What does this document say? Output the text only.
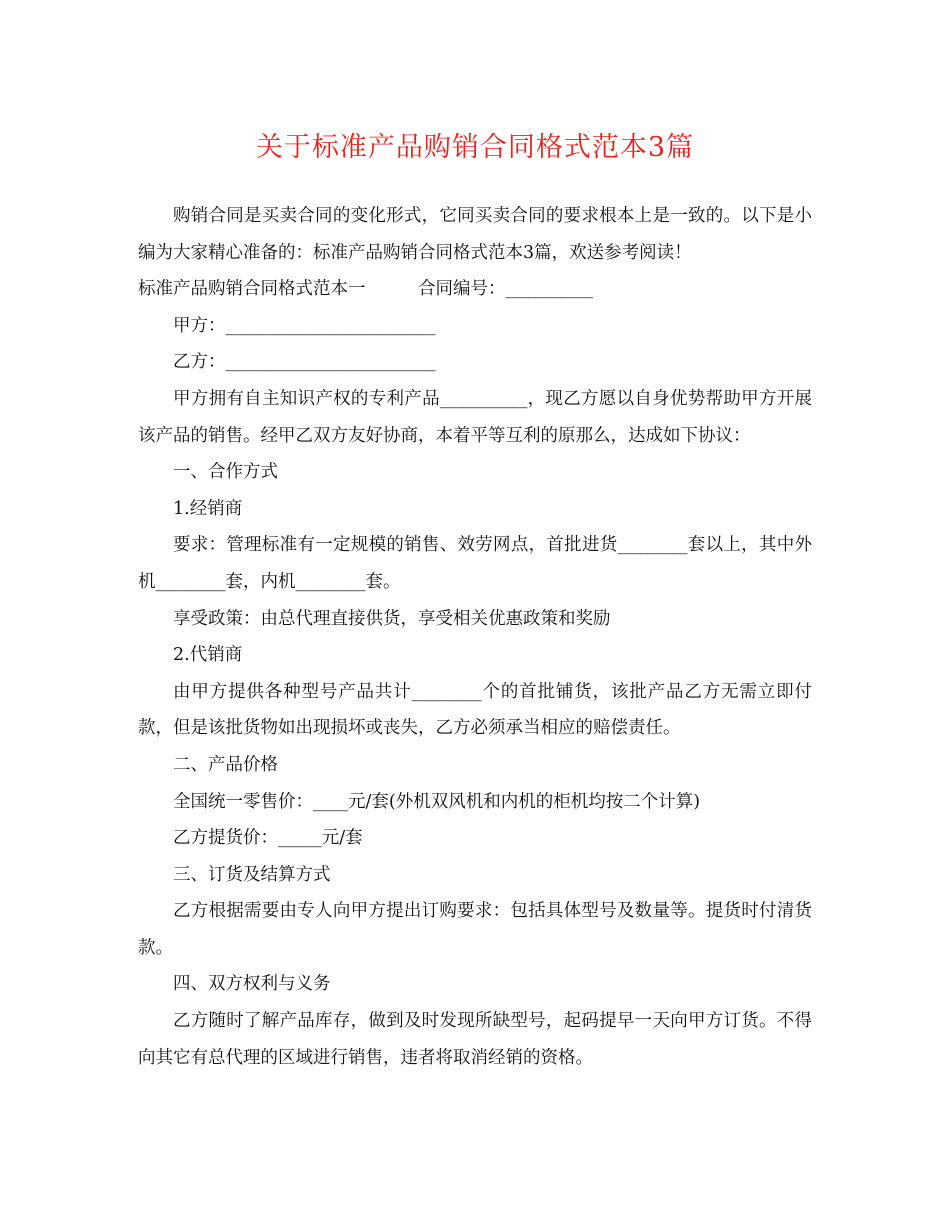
关于标准产品购销合同格式范本3篇

购销合同是买卖合同的变化形式，它同买卖合同的要求根本上是一致的。以下是小编为大家精心准备的：标准产品购销合同格式范本3篇，欢送参考阅读！

标准产品购销合同格式范本一　　　合同编号：__________

甲方：________________________

乙方：________________________

甲方拥有自主知识产权的专利产品__________，现乙方愿以自身优势帮助甲方开展该产品的销售。经甲乙双方友好协商，本着平等互利的原那么，达成如下协议：

一、合作方式

1.经销商

要求：管理标准有一定规模的销售、效劳网点，首批进货________套以上，其中外机________套，内机________套。

享受政策：由总代理直接供货，享受相关优惠政策和奖励

2.代销商

由甲方提供各种型号产品共计________个的首批铺货，该批产品乙方无需立即付款，但是该批货物如出现损坏或丧失，乙方必须承当相应的赔偿责任。

二、产品价格

全国统一零售价：____元/套(外机双风机和内机的柜机均按二个计算)

乙方提货价：_____元/套

三、订货及结算方式

乙方根据需要由专人向甲方提出订购要求：包括具体型号及数量等。提货时付清货款。

四、双方权利与义务

乙方随时了解产品库存，做到及时发现所缺型号，起码提早一天向甲方订货。不得向其它有总代理的区域进行销售，违者将取消经销的资格。
